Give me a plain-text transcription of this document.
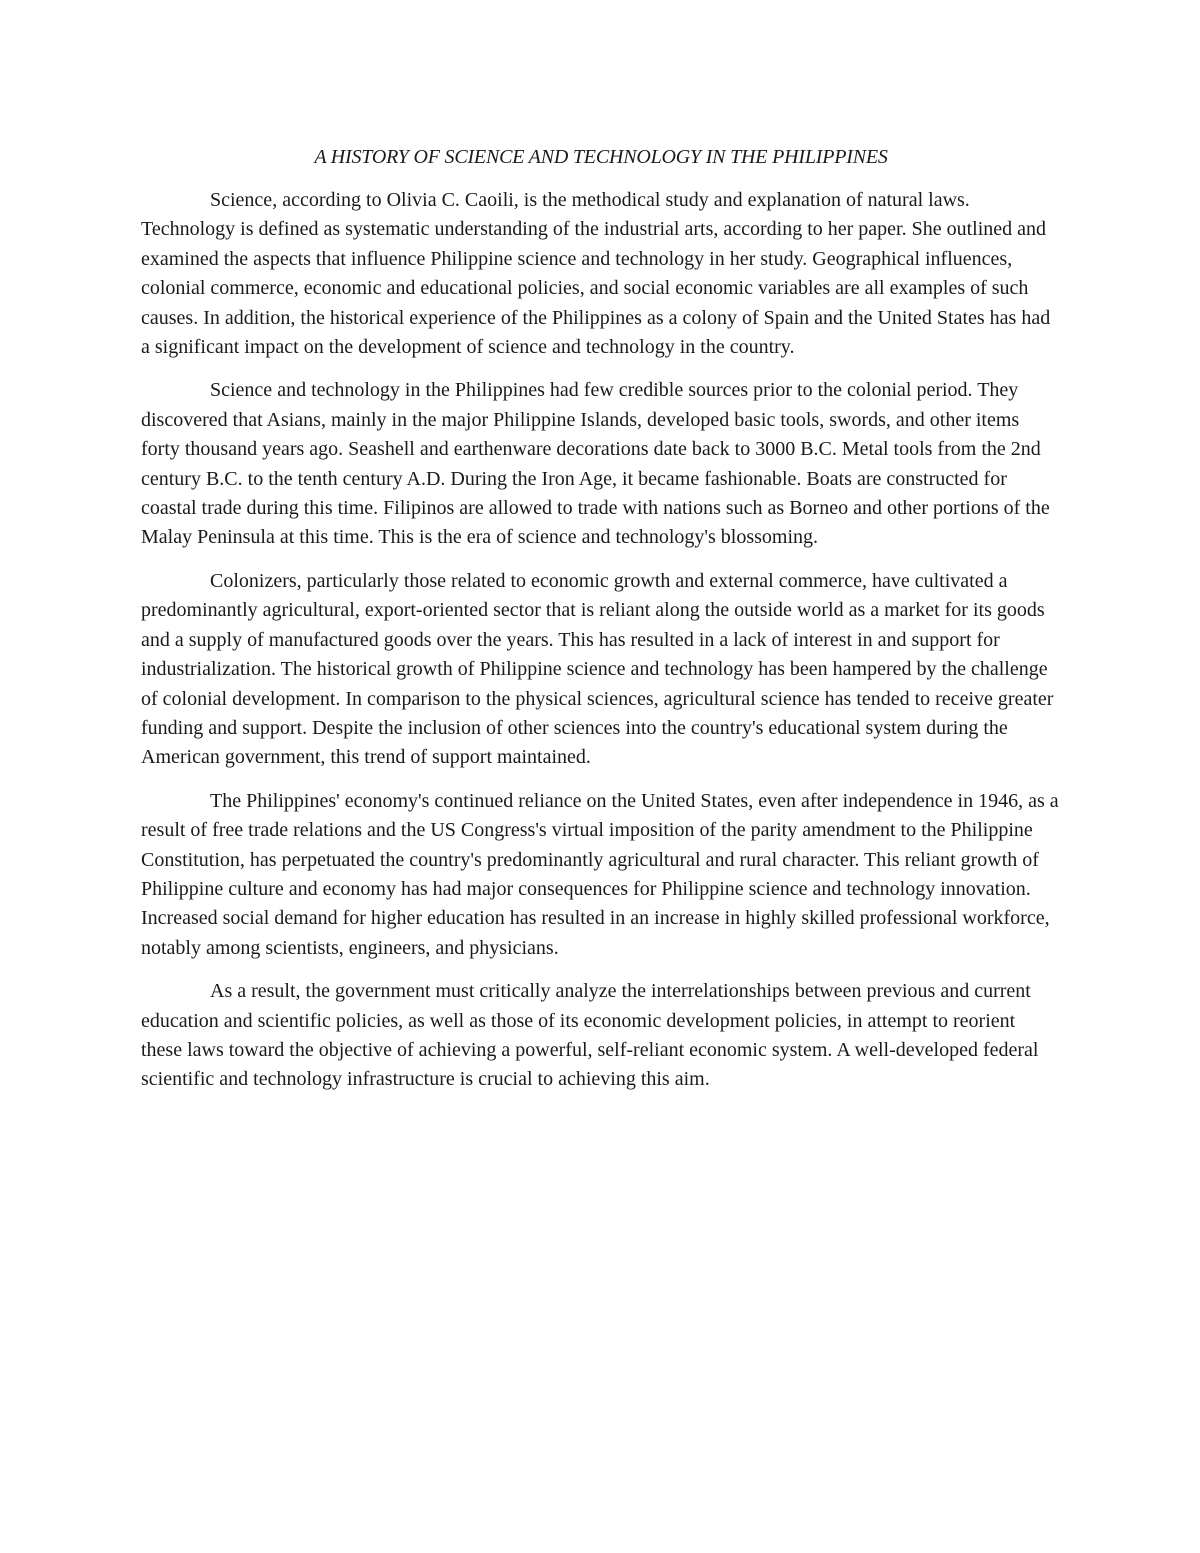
A HISTORY OF SCIENCE AND TECHNOLOGY IN THE PHILIPPINES

Science, according to Olivia C. Caoili, is the methodical study and explanation of natural laws. Technology is defined as systematic understanding of the industrial arts, according to her paper. She outlined and examined the aspects that influence Philippine science and technology in her study. Geographical influences, colonial commerce, economic and educational policies, and social economic variables are all examples of such causes. In addition, the historical experience of the Philippines as a colony of Spain and the United States has had a significant impact on the development of science and technology in the country.

Science and technology in the Philippines had few credible sources prior to the colonial period. They discovered that Asians, mainly in the major Philippine Islands, developed basic tools, swords, and other items forty thousand years ago. Seashell and earthenware decorations date back to 3000 B.C. Metal tools from the 2nd century B.C. to the tenth century A.D. During the Iron Age, it became fashionable. Boats are constructed for coastal trade during this time. Filipinos are allowed to trade with nations such as Borneo and other portions of the Malay Peninsula at this time. This is the era of science and technology's blossoming.

Colonizers, particularly those related to economic growth and external commerce, have cultivated a predominantly agricultural, export-oriented sector that is reliant along the outside world as a market for its goods and a supply of manufactured goods over the years. This has resulted in a lack of interest in and support for industrialization. The historical growth of Philippine science and technology has been hampered by the challenge of colonial development. In comparison to the physical sciences, agricultural science has tended to receive greater funding and support. Despite the inclusion of other sciences into the country's educational system during the American government, this trend of support maintained.

The Philippines' economy's continued reliance on the United States, even after independence in 1946, as a result of free trade relations and the US Congress's virtual imposition of the parity amendment to the Philippine Constitution, has perpetuated the country's predominantly agricultural and rural character. This reliant growth of Philippine culture and economy has had major consequences for Philippine science and technology innovation. Increased social demand for higher education has resulted in an increase in highly skilled professional workforce, notably among scientists, engineers, and physicians.

As a result, the government must critically analyze the interrelationships between previous and current education and scientific policies, as well as those of its economic development policies, in attempt to reorient these laws toward the objective of achieving a powerful, self-reliant economic system. A well-developed federal scientific and technology infrastructure is crucial to achieving this aim.
